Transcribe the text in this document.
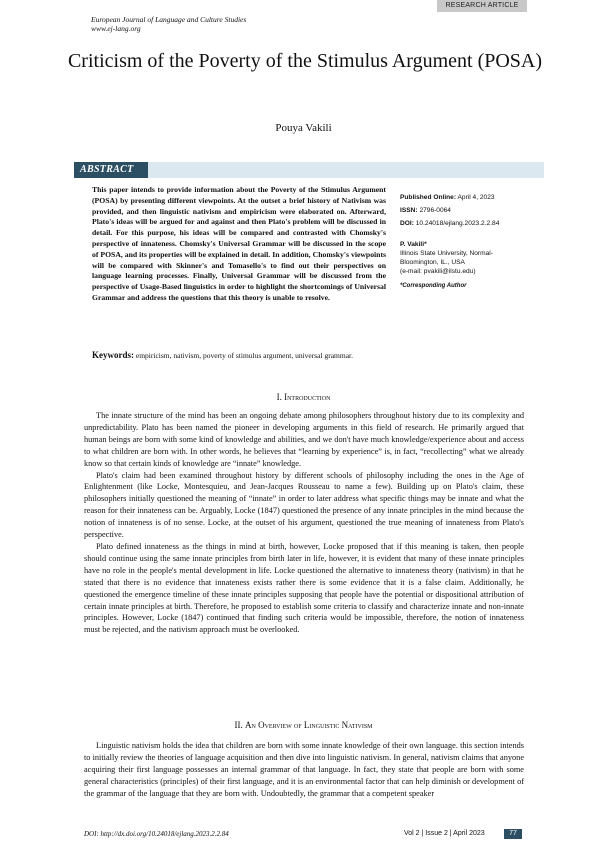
RESEARCH ARTICLE
European Journal of Language and Culture Studies
www.ej-lang.org
Criticism of the Poverty of the Stimulus Argument (POSA)
Pouya Vakili
ABSTRACT

This paper intends to provide information about the Poverty of the Stimulus Argument (POSA) by presenting different viewpoints. At the outset a brief history of Nativism was provided, and then linguistic nativism and empiricism were elaborated on. Afterward, Plato's ideas will be argued for and against and then Plato's problem will be discussed in detail. For this purpose, his ideas will be compared and contrasted with Chomsky's perspective of innateness. Chomsky's Universal Grammar will be discussed in the scope of POSA, and its properties will be explained in detail. In addition, Chomsky's viewpoints will be compared with Skinner's and Tomasello's to find out their perspectives on language learning processes. Finally, Universal Grammar will be discussed from the perspective of Usage-Based linguistics in order to highlight the shortcomings of Universal Grammar and address the questions that this theory is unable to resolve.

Published Online: April 4, 2023
ISSN: 2796-0064
DOI: 10.24018/ejlang.2023.2.2.84
P. Vakili*
Illinois State University, Normal-
Bloomington, IL., USA
(e-mail: pvakili@ilstu.edu)
*Corresponding Author
Keywords: empiricism, nativism, poverty of stimulus argument, universal grammar.
I. Introduction

The innate structure of the mind has been an ongoing debate among philosophers throughout history due to its complexity and unpredictability. Plato has been named the pioneer in developing arguments in this field of research. He primarily argued that human beings are born with some kind of knowledge and abilities, and we don't have much knowledge/experience about and access to what children are born with. In other words, he believes that “learning by experience” is, in fact, “recollecting” what we already know so that certain kinds of knowledge are “innate” knowledge.

Plato's claim had been examined throughout history by different schools of philosophy including the ones in the Age of Enlightenment (like Locke, Montesquieu, and Jean-Jacques Rousseau to name a few). Building up on Plato's claim, these philosophers initially questioned the meaning of “innate” in order to later address what specific things may be innate and what the reason for their innateness can be. Arguably, Locke (1847) questioned the presence of any innate principles in the mind because the notion of innateness is of no sense. Locke, at the outset of his argument, questioned the true meaning of innateness from Plato's perspective.

Plato defined innateness as the things in mind at birth, however, Locke proposed that if this meaning is taken, then people should continue using the same innate principles from birth later in life, however, it is evident that many of these innate principles have no role in the people's mental development in life. Locke questioned the alternative to innateness theory (nativism) in that he stated that there is no evidence that innateness exists rather there is some evidence that it is a false claim. Additionally, he questioned the emergence timeline of these innate principles supposing that people have the potential or dispositional attribution of certain innate principles at birth. Therefore, he proposed to establish some criteria to classify and characterize innate and non-innate principles. However, Locke (1847) continued that finding such criteria would be impossible, therefore, the notion of innateness must be rejected, and the nativism approach must be overlooked.

II. An Overview of Linguistic Nativism

Linguistic nativism holds the idea that children are born with some innate knowledge of their own language. this section intends to initially review the theories of language acquisition and then dive into linguistic nativism. In general, nativism claims that anyone acquiring their first language possesses an internal grammar of that language. In fact, they state that people are born with some general characteristics (principles) of their first language, and it is an environmental factor that can help diminish or development of the grammar of the language that they are born with. Undoubtedly, the grammar that a competent speaker

DOI: http://dx.doi.org/10.24018/ejlang.2023.2.2.84	Vol 2 | Issue 2 | April 2023	77
